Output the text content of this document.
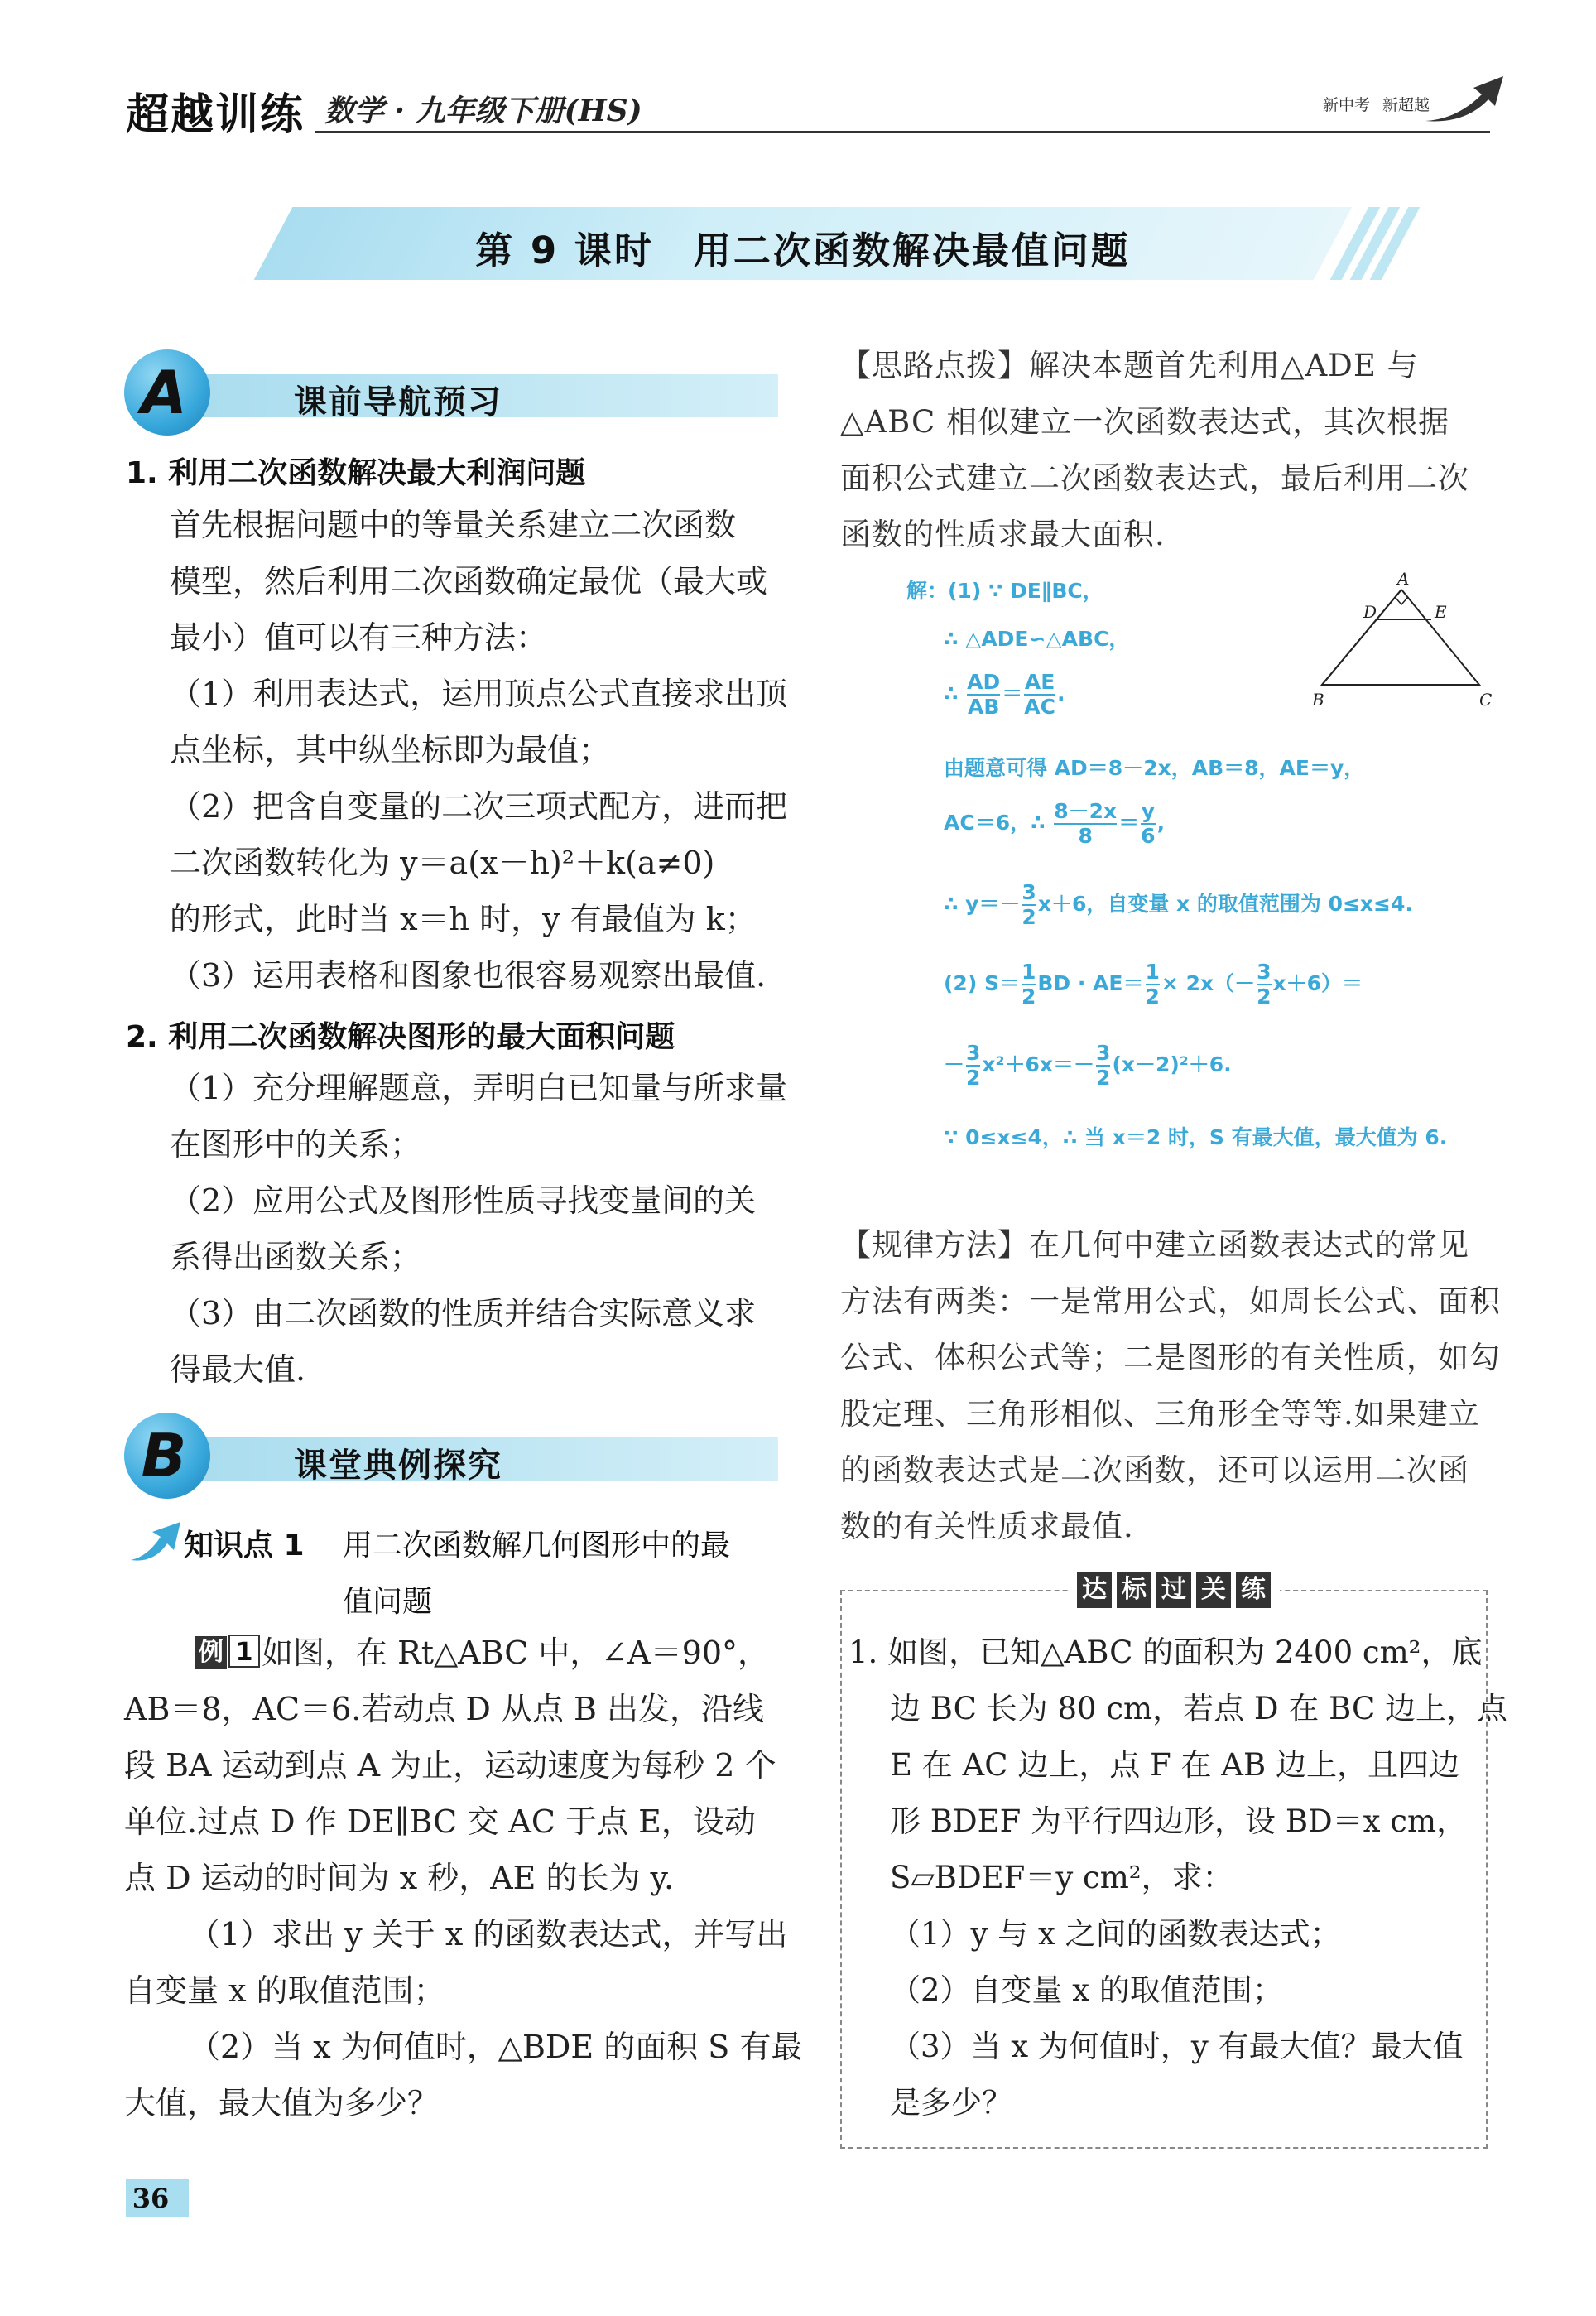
超越训练 数学 · 九年级下册(HS)	新中考 新超越
第 9 课时　用二次函数解决最值问题
A	课前导航预习
1. 利用二次函数解决最大利润问题
首先根据问题中的等量关系建立二次函数
模型，然后利用二次函数确定最优（最大或
最小）值可以有三种方法：
（1）利用表达式，运用顶点公式直接求出顶
点坐标，其中纵坐标即为最值；
（2）把含自变量的二次三项式配方，进而把
二次函数转化为 y＝a(x－h)²＋k(a≠0)
的形式，此时当 x＝h 时，y 有最值为 k；
（3）运用表格和图象也很容易观察出最值.
2. 利用二次函数解决图形的最大面积问题
（1）充分理解题意，弄明白已知量与所求量
在图形中的关系；
（2）应用公式及图形性质寻找变量间的关
系得出函数关系；
（3）由二次函数的性质并结合实际意义求
得最大值.
B	课堂典例探究
知识点 1 用二次函数解几何图形中的最
值问题
例 1 如图，在 Rt△ABC 中，∠A＝90°，
AB＝8，AC＝6.若动点 D 从点 B 出发，沿线
段 BA 运动到点 A 为止，运动速度为每秒 2 个
单位.过点 D 作 DE∥BC 交 AC 于点 E，设动
点 D 运动的时间为 x 秒，AE 的长为 y.
（1）求出 y 关于 x 的函数表达式，并写出
自变量 x 的取值范围；
（2）当 x 为何值时，△BDE 的面积 S 有最
大值，最大值为多少？
【思路点拨】解决本题首先利用△ADE 与
△ABC 相似建立一次函数表达式，其次根据
面积公式建立二次函数表达式，最后利用二次
函数的性质求最大面积.
解：(1) ∵ DE∥BC，
∴ △ADE∽△ABC，
∴ $\frac{AD}{AB} = \frac{AE}{AC}$ .
由题意可得 AD＝8－2x，AB＝8，AE＝y，
AC＝6，∴ $\frac{8-2x}{8} = \frac{y}{6}$ ,
∴ $y=- \frac{3}{2} x+6$，自变量 x 的取值范围为 0≤x≤4.
(2) $S= \frac{1}{2}$ BD · $AE= \frac{1}{2} \times 2x(- \frac{3}{2} x+6)=$
－ $\frac{3}{2} x^2+6x=- \frac{3}{2} (x-2)^2+6$.
∵ 0≤x≤4，∴ 当 x＝2 时，S 有最大值，最大值为 6.
A
D	E
B	C
【规律方法】在几何中建立函数表达式的常见
方法有两类：一是常用公式，如周长公式、面积
公式、体积公式等；二是图形的有关性质，如勾
股定理、三角形相似、三角形全等等.如果建立
的函数表达式是二次函数，还可以运用二次函
数的有关性质求最值.
达 标 过 关 练
1. 如图，已知△ABC 的面积为 2400 cm²，底
边 BC 长为 80 cm，若点 D 在 BC 边上，点
E 在 AC 边上，点 F 在 AB 边上，且四边
形 BDEF 为平行四边形，设 BD＝x cm，
S▱BDEF＝y cm²，求：
（1）y 与 x 之间的函数表达式；
（2）自变量 x 的取值范围；
（3）当 x 为何值时，y 有最大值？最大值
是多少？
36
